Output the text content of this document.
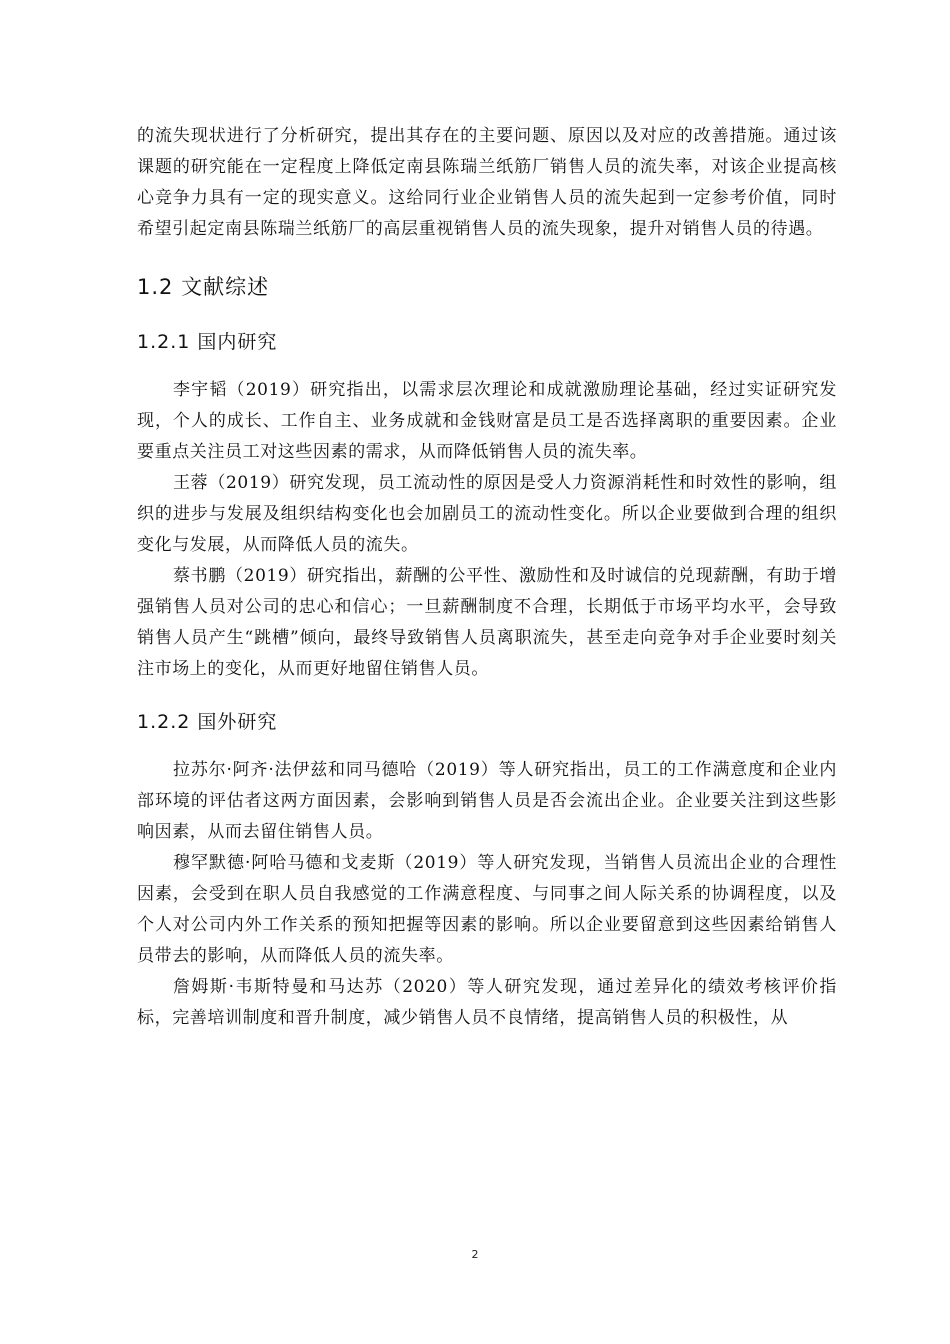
的流失现状进行了分析研究，提出其存在的主要问题、原因以及对应的改善措施。通过该课题的研究能在一定程度上降低定南县陈瑞兰纸筋厂销售人员的流失率，对该企业提高核心竞争力具有一定的现实意义。这给同行业企业销售人员的流失起到一定参考价值，同时希望引起定南县陈瑞兰纸筋厂的高层重视销售人员的流失现象，提升对销售人员的待遇。

1.2 文献综述
1.2.1 国内研究

李宇韬（2019）研究指出，以需求层次理论和成就激励理论基础，经过实证研究发现，个人的成长、工作自主、业务成就和金钱财富是员工是否选择离职的重要因素。企业要重点关注员工对这些因素的需求，从而降低销售人员的流失率。

王蓉（2019）研究发现，员工流动性的原因是受人力资源消耗性和时效性的影响，组织的进步与发展及组织结构变化也会加剧员工的流动性变化。所以企业要做到合理的组织变化与发展，从而降低人员的流失。

蔡书鹏（2019）研究指出，薪酬的公平性、激励性和及时诚信的兑现薪酬，有助于增强销售人员对公司的忠心和信心；一旦薪酬制度不合理，长期低于市场平均水平，会导致销售人员产生“跳槽”倾向，最终导致销售人员离职流失，甚至走向竞争对手企业要时刻关注市场上的变化，从而更好地留住销售人员。

1.2.2 国外研究

拉苏尔·阿齐·法伊兹和同马德哈（2019）等人研究指出，员工的工作满意度和企业内部环境的评估者这两方面因素，会影响到销售人员是否会流出企业。企业要关注到这些影响因素，从而去留住销售人员。

穆罕默德·阿哈马德和戈麦斯（2019）等人研究发现，当销售人员流出企业的合理性因素，会受到在职人员自我感觉的工作满意程度、与同事之间人际关系的协调程度，以及个人对公司内外工作关系的预知把握等因素的影响。所以企业要留意到这些因素给销售人员带去的影响，从而降低人员的流失率。

詹姆斯·韦斯特曼和马达苏（2020）等人研究发现，通过差异化的绩效考核评价指标，完善培训制度和晋升制度，减少销售人员不良情绪，提高销售人员的积极性，从

2
